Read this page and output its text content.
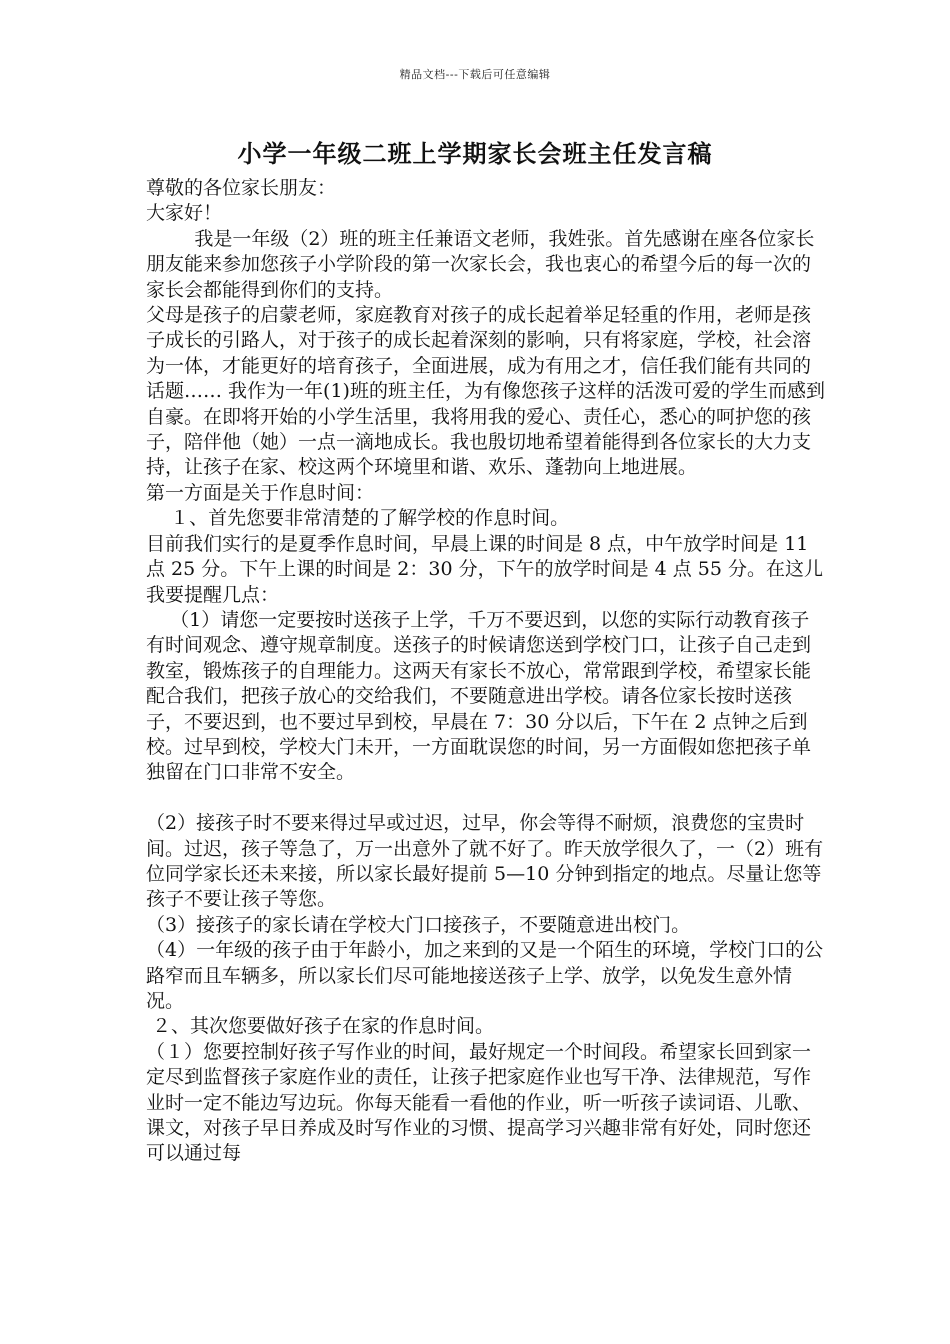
精品文档---下载后可任意编辑
小学一年级二班上学期家长会班主任发言稿

尊敬的各位家长朋友：

大家好！

我是一年级（2）班的班主任兼语文老师，我姓张。首先感谢在座各位家长朋友能来参加您孩子小学阶段的第一次家长会，我也衷心的希望今后的每一次的家长会都能得到你们的支持。

父母是孩子的启蒙老师，家庭教育对孩子的成长起着举足轻重的作用，老师是孩子成长的引路人，对于孩子的成长起着深刻的影响，只有将家庭，学校，社会溶为一体，才能更好的培育孩子，全面进展，成为有用之才，信任我们能有共同的话题…… 我作为一年(1)班的班主任，为有像您孩子这样的活泼可爱的学生而感到自豪。在即将开始的小学生活里，我将用我的爱心、责任心，悉心的呵护您的孩子，陪伴他（她）一点一滴地成长。我也殷切地希望着能得到各位家长的大力支持，让孩子在家、校这两个环境里和谐、欢乐、蓬勃向上地进展。

第一方面是关于作息时间：

１、首先您要非常清楚的了解学校的作息时间。

目前我们实行的是夏季作息时间，早晨上课的时间是 8 点，中午放学时间是 11 点 25 分。下午上课的时间是 2：30 分，下午的放学时间是 4 点 55 分。在这儿我要提醒几点：

（1）请您一定要按时送孩子上学，千万不要迟到，以您的实际行动教育孩子有时间观念、遵守规章制度。送孩子的时候请您送到学校门口，让孩子自己走到教室，锻炼孩子的自理能力。这两天有家长不放心，常常跟到学校，希望家长能配合我们，把孩子放心的交给我们，不要随意进出学校。请各位家长按时送孩子，不要迟到，也不要过早到校，早晨在 7：30 分以后，下午在 2 点钟之后到校。过早到校，学校大门未开，一方面耽误您的时间，另一方面假如您把孩子单独留在门口非常不安全。

（2）接孩子时不要来得过早或过迟，过早，你会等得不耐烦，浪费您的宝贵时间。过迟，孩子等急了，万一出意外了就不好了。昨天放学很久了，一（2）班有位同学家长还未来接，所以家长最好提前 5—10 分钟到指定的地点。尽量让您等孩子不要让孩子等您。

（3）接孩子的家长请在学校大门口接孩子，不要随意进出校门。

（4）一年级的孩子由于年龄小，加之来到的又是一个陌生的环境，学校门口的公路窄而且车辆多，所以家长们尽可能地接送孩子上学、放学，以免发生意外情况。

２、其次您要做好孩子在家的作息时间。

（１）您要控制好孩子写作业的时间，最好规定一个时间段。希望家长回到家一定尽到监督孩子家庭作业的责任，让孩子把家庭作业也写干净、法律规范，写作业时一定不能边写边玩。你每天能看一看他的作业，听一听孩子读词语、儿歌、课文，对孩子早日养成及时写作业的习惯、提高学习兴趣非常有好处，同时您还可以通过每
